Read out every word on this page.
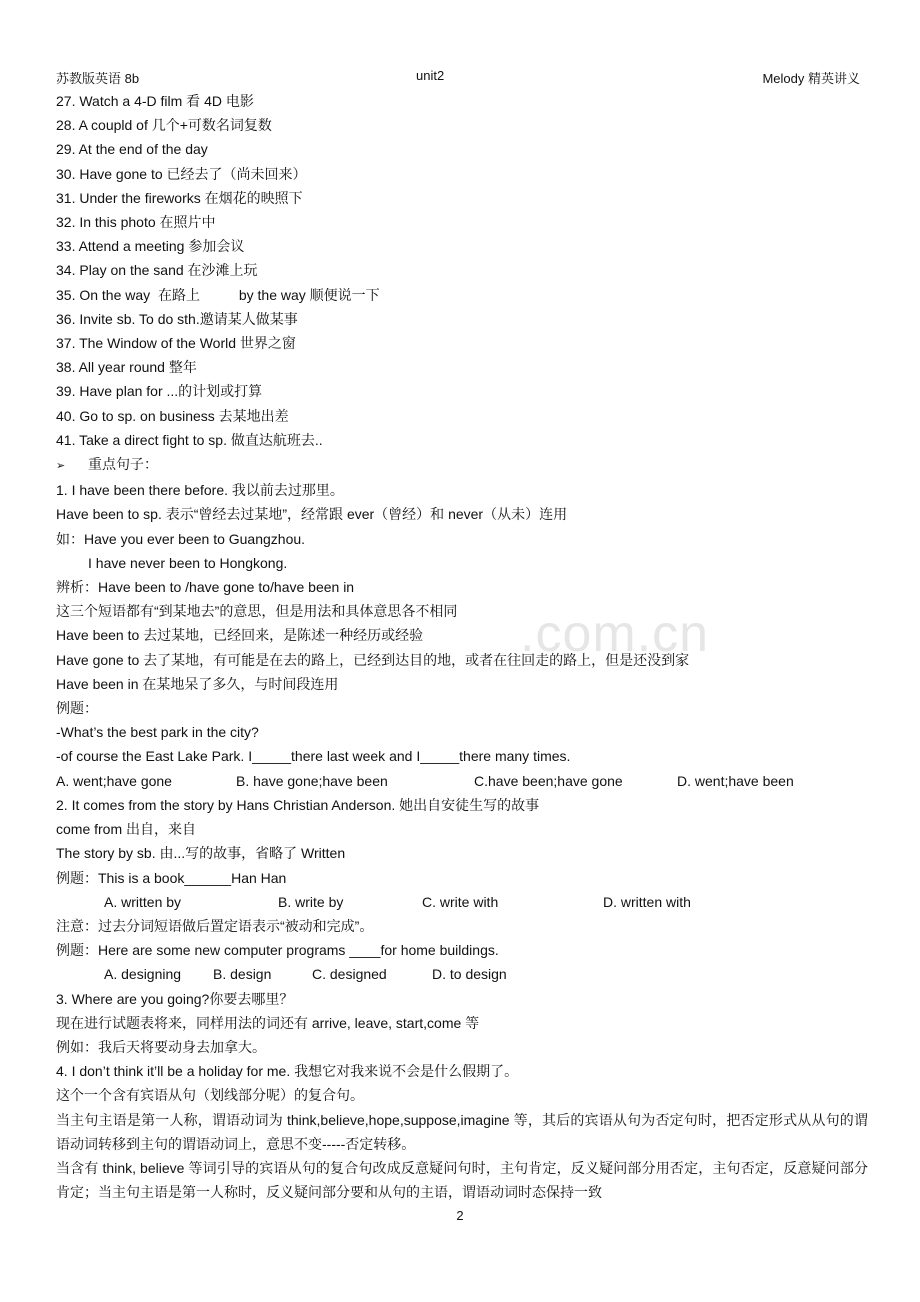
苏教版英语 8b	unit2	Melody 精英讲义
.com.cn
27. Watch a 4-D film 看 4D 电影
28. A coupld of 几个+可数名词复数
29. At the end of the day
30. Have gone to 已经去了（尚未回来）
31. Under the fireworks 在烟花的映照下
32. In this photo 在照片中
33. Attend a meeting 参加会议
34. Play on the sand 在沙滩上玩
35. On the way  在路上          by the way 顺便说一下
36. Invite sb. To do sth.邀请某人做某事
37. The Window of the World 世界之窗
38. All year round 整年
39. Have plan for ...的计划或打算
40. Go to sp. on business 去某地出差
41. Take a direct fight to sp. 做直达航班去..
➢ 重点句子：
1. I have been there before. 我以前去过那里。
Have been to sp. 表示“曾经去过某地”，经常跟 ever（曾经）和 never（从未）连用
如：Have you ever been to Guangzhou.
I have never been to Hongkong.
辨析：Have been to /have gone to/have been in
这三个短语都有“到某地去”的意思，但是用法和具体意思各不相同
Have been to 去过某地，已经回来，是陈述一种经历或经验
Have gone to 去了某地，有可能是在去的路上，已经到达目的地，或者在往回走的路上，但是还没到家
Have been in 在某地呆了多久，与时间段连用
例题：
-What’s the best park in the city?
-of course the East Lake Park. I_____there last week and I_____there many times.
A. went;have gone	B. have gone;have been	C.have been;have gone	D. went;have been
2. It comes from the story by Hans Christian Anderson. 她出自安徒生写的故事
come from 出自，来自
The story by sb. 由...写的故事，省略了 Written
例题：This is a book______Han Han
A. written by	B. write by	C. write with	D. written with
注意：过去分词短语做后置定语表示“被动和完成”。
例题：Here are some new computer programs ____for home buildings.
A. designing B. design	C. designed	D. to design
3. Where are you going?你要去哪里？
现在进行试题表将来，同样用法的词还有 arrive, leave, start,come 等
例如：我后天将要动身去加拿大。
4. I don’t think it’ll be a holiday for me. 我想它对我来说不会是什么假期了。
这个一个含有宾语从句（划线部分呢）的复合句。
当主句主语是第一人称，谓语动词为 think,believe,hope,suppose,imagine 等，其后的宾语从句为否定句时，把否定形式从从句的谓语动词转移到主句的谓语动词上，意思不变-----否定转移。
当含有 think, believe 等词引导的宾语从句的复合句改成反意疑问句时，主句肯定，反义疑问部分用否定，主句否定，反意疑问部分肯定；当主句主语是第一人称时，反义疑问部分要和从句的主语，谓语动词时态保持一致
2
